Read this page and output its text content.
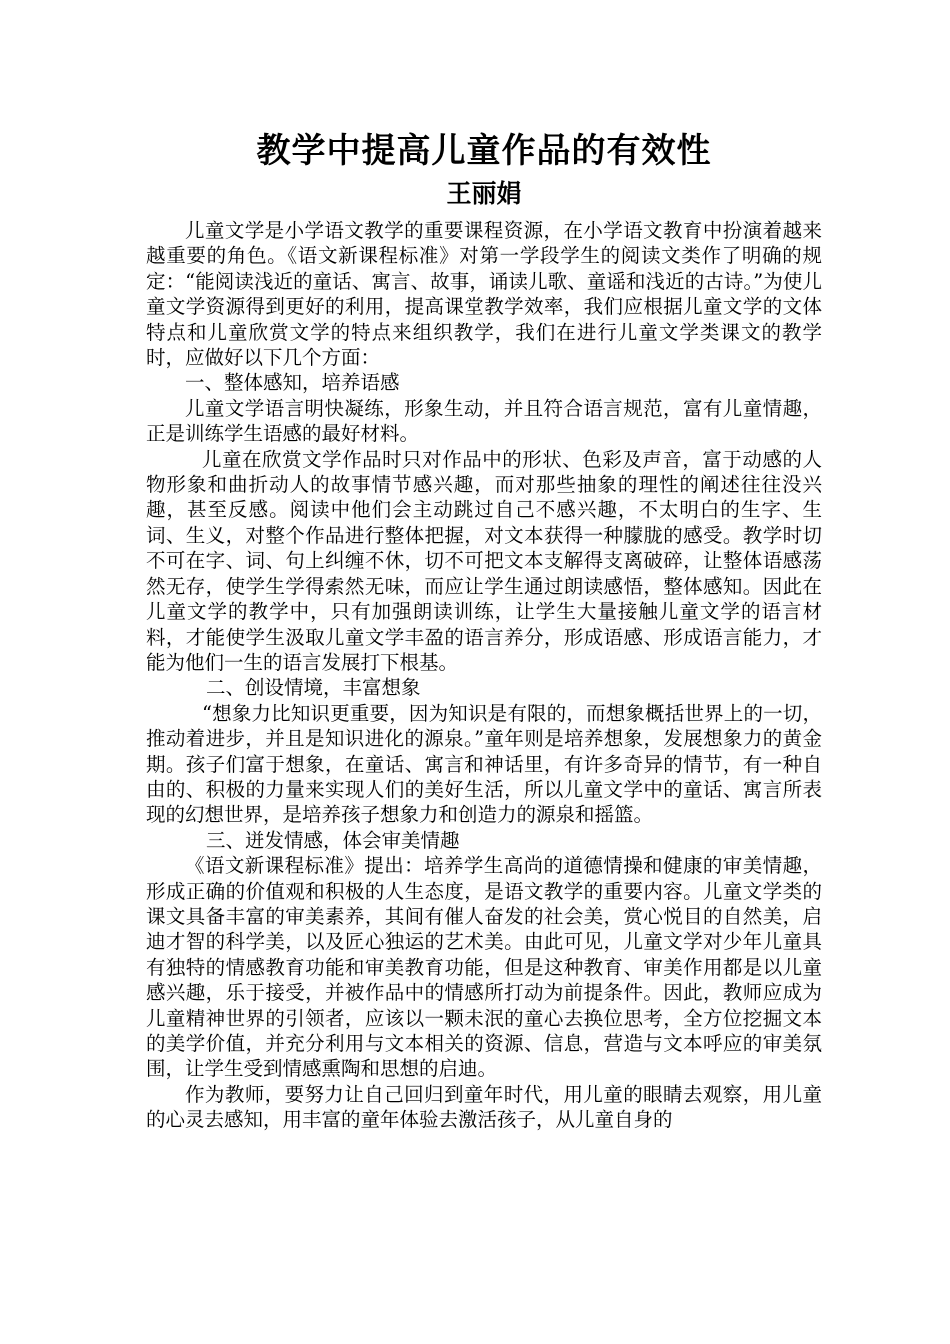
教学中提高儿童作品的有效性
王丽娟

儿童文学是小学语文教学的重要课程资源，在小学语文教育中扮演着越来越重要的角色。《语文新课程标准》对第一学段学生的阅读文类作了明确的规定：“能阅读浅近的童话、寓言、故事，诵读儿歌、童谣和浅近的古诗。”为使儿童文学资源得到更好的利用，提高课堂教学效率，我们应根据儿童文学的文体特点和儿童欣赏文学的特点来组织教学，我们在进行儿童文学类课文的教学时，应做好以下几个方面：

一、整体感知，培养语感

儿童文学语言明快凝练，形象生动，并且符合语言规范，富有儿童情趣，正是训练学生语感的最好材料。

儿童在欣赏文学作品时只对作品中的形状、色彩及声音，富于动感的人物形象和曲折动人的故事情节感兴趣，而对那些抽象的理性的阐述往往没兴趣，甚至反感。阅读中他们会主动跳过自己不感兴趣，不太明白的生字、生词、生义，对整个作品进行整体把握，对文本获得一种朦胧的感受。教学时切不可在字、词、句上纠缠不休，切不可把文本支解得支离破碎，让整体语感荡然无存，使学生学得索然无味，而应让学生通过朗读感悟，整体感知。因此在儿童文学的教学中，只有加强朗读训练，让学生大量接触儿童文学的语言材料，才能使学生汲取儿童文学丰盈的语言养分，形成语感、形成语言能力，才能为他们一生的语言发展打下根基。

二、创设情境，丰富想象

“想象力比知识更重要，因为知识是有限的，而想象概括世界上的一切，推动着进步，并且是知识进化的源泉。”童年则是培养想象，发展想象力的黄金期。孩子们富于想象，在童话、寓言和神话里，有许多奇异的情节，有一种自由的、积极的力量来实现人们的美好生活，所以儿童文学中的童话、寓言所表现的幻想世界，是培养孩子想象力和创造力的源泉和摇篮。

三、迸发情感，体会审美情趣

《语文新课程标准》提出：培养学生高尚的道德情操和健康的审美情趣，形成正确的价值观和积极的人生态度，是语文教学的重要内容。儿童文学类的课文具备丰富的审美素养，其间有催人奋发的社会美，赏心悦目的自然美，启迪才智的科学美，以及匠心独运的艺术美。由此可见，儿童文学对少年儿童具有独特的情感教育功能和审美教育功能，但是这种教育、审美作用都是以儿童感兴趣，乐于接受，并被作品中的情感所打动为前提条件。因此，教师应成为儿童精神世界的引领者，应该以一颗未泯的童心去换位思考，全方位挖掘文本的美学价值，并充分利用与文本相关的资源、信息，营造与文本呼应的审美氛围，让学生受到情感熏陶和思想的启迪。

作为教师，要努力让自己回归到童年时代，用儿童的眼睛去观察，用儿童的心灵去感知，用丰富的童年体验去激活孩子，从儿童自身的
